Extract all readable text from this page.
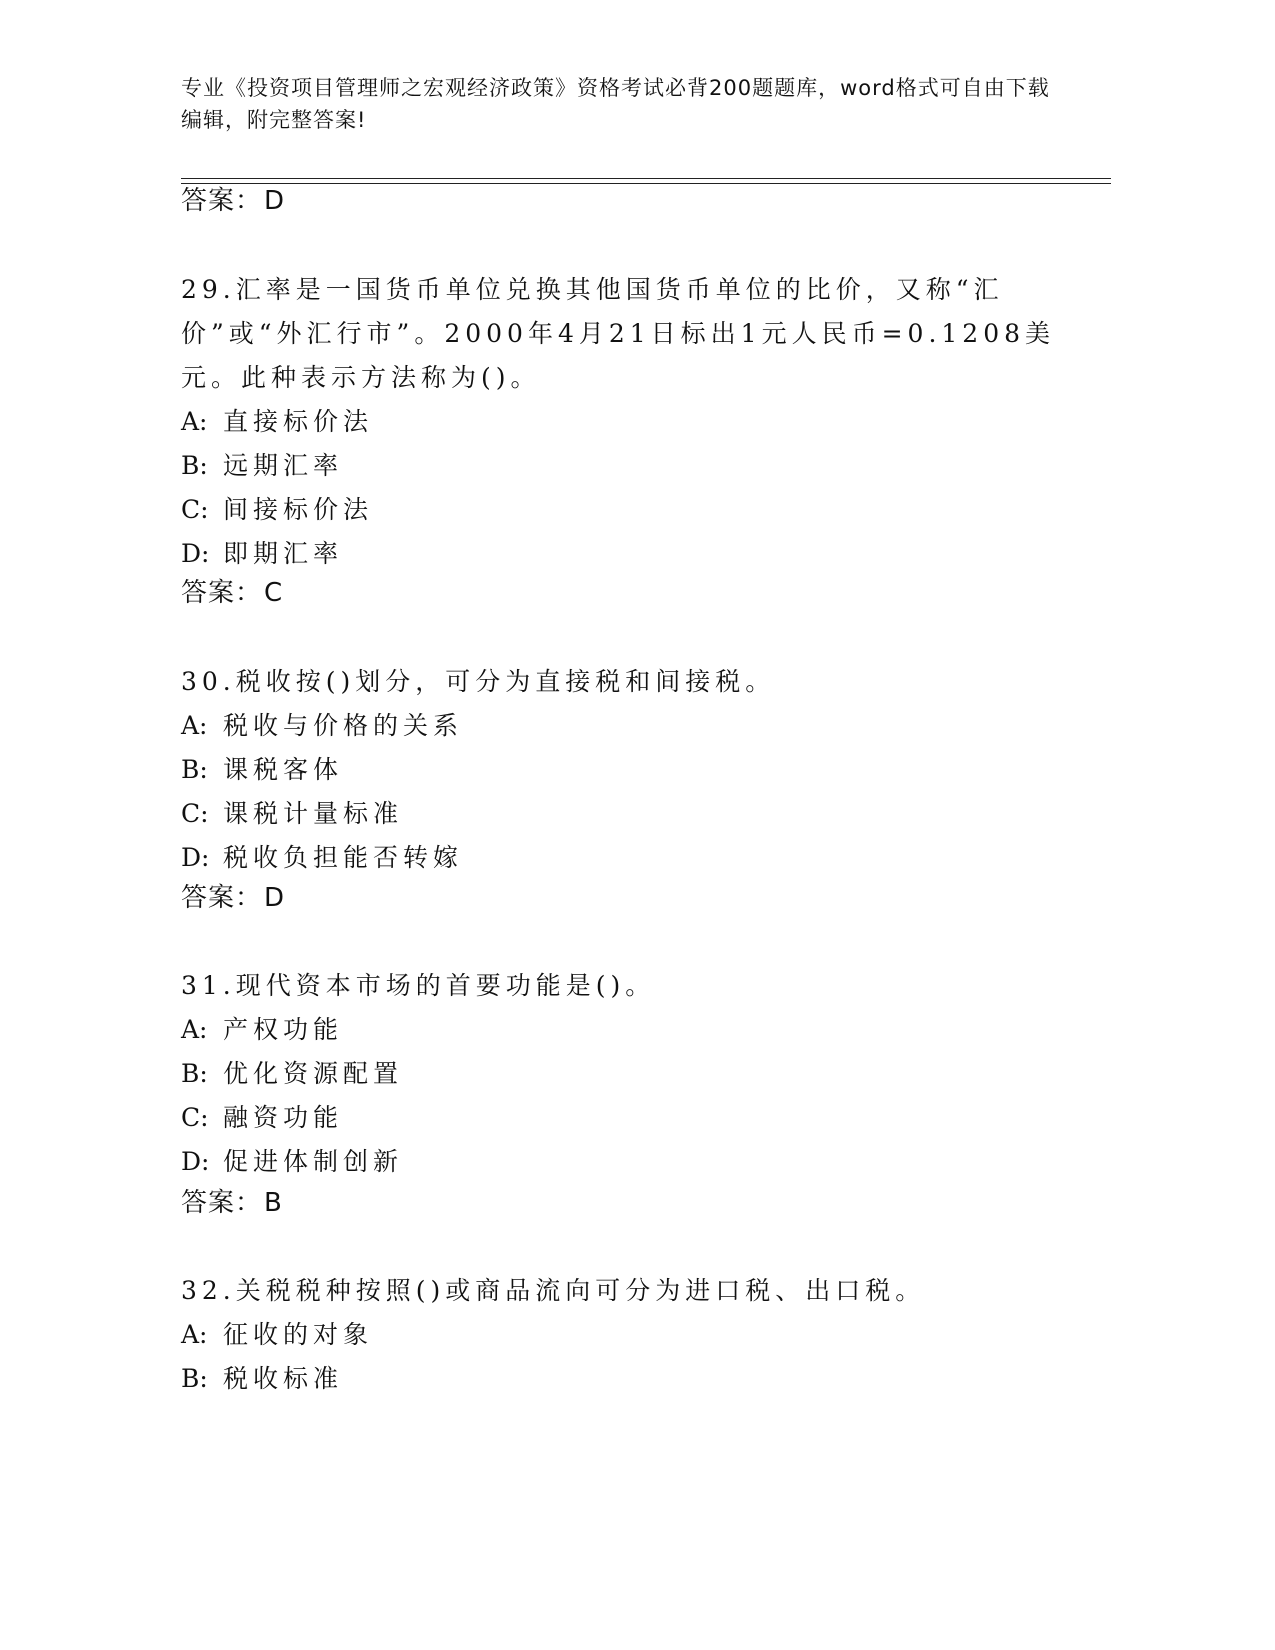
专业《投资项目管理师之宏观经济政策》资格考试必背200题题库，word格式可自由下载编辑，附完整答案!
答案：D
29.汇率是一国货币单位兑换其他国货币单位的比价，又称“汇价”或“外汇行市”。2000年4月21日标出1元人民币=0.1208美元。此种表示方法称为()。
A: 直接标价法
B: 远期汇率
C: 间接标价法
D: 即期汇率
答案：C
30.税收按()划分，可分为直接税和间接税。
A: 税收与价格的关系
B: 课税客体
C: 课税计量标准
D: 税收负担能否转嫁
答案：D
31.现代资本市场的首要功能是()。
A: 产权功能
B: 优化资源配置
C: 融资功能
D: 促进体制创新
答案：B
32.关税税种按照()或商品流向可分为进口税、出口税。
A: 征收的对象
B: 税收标准
